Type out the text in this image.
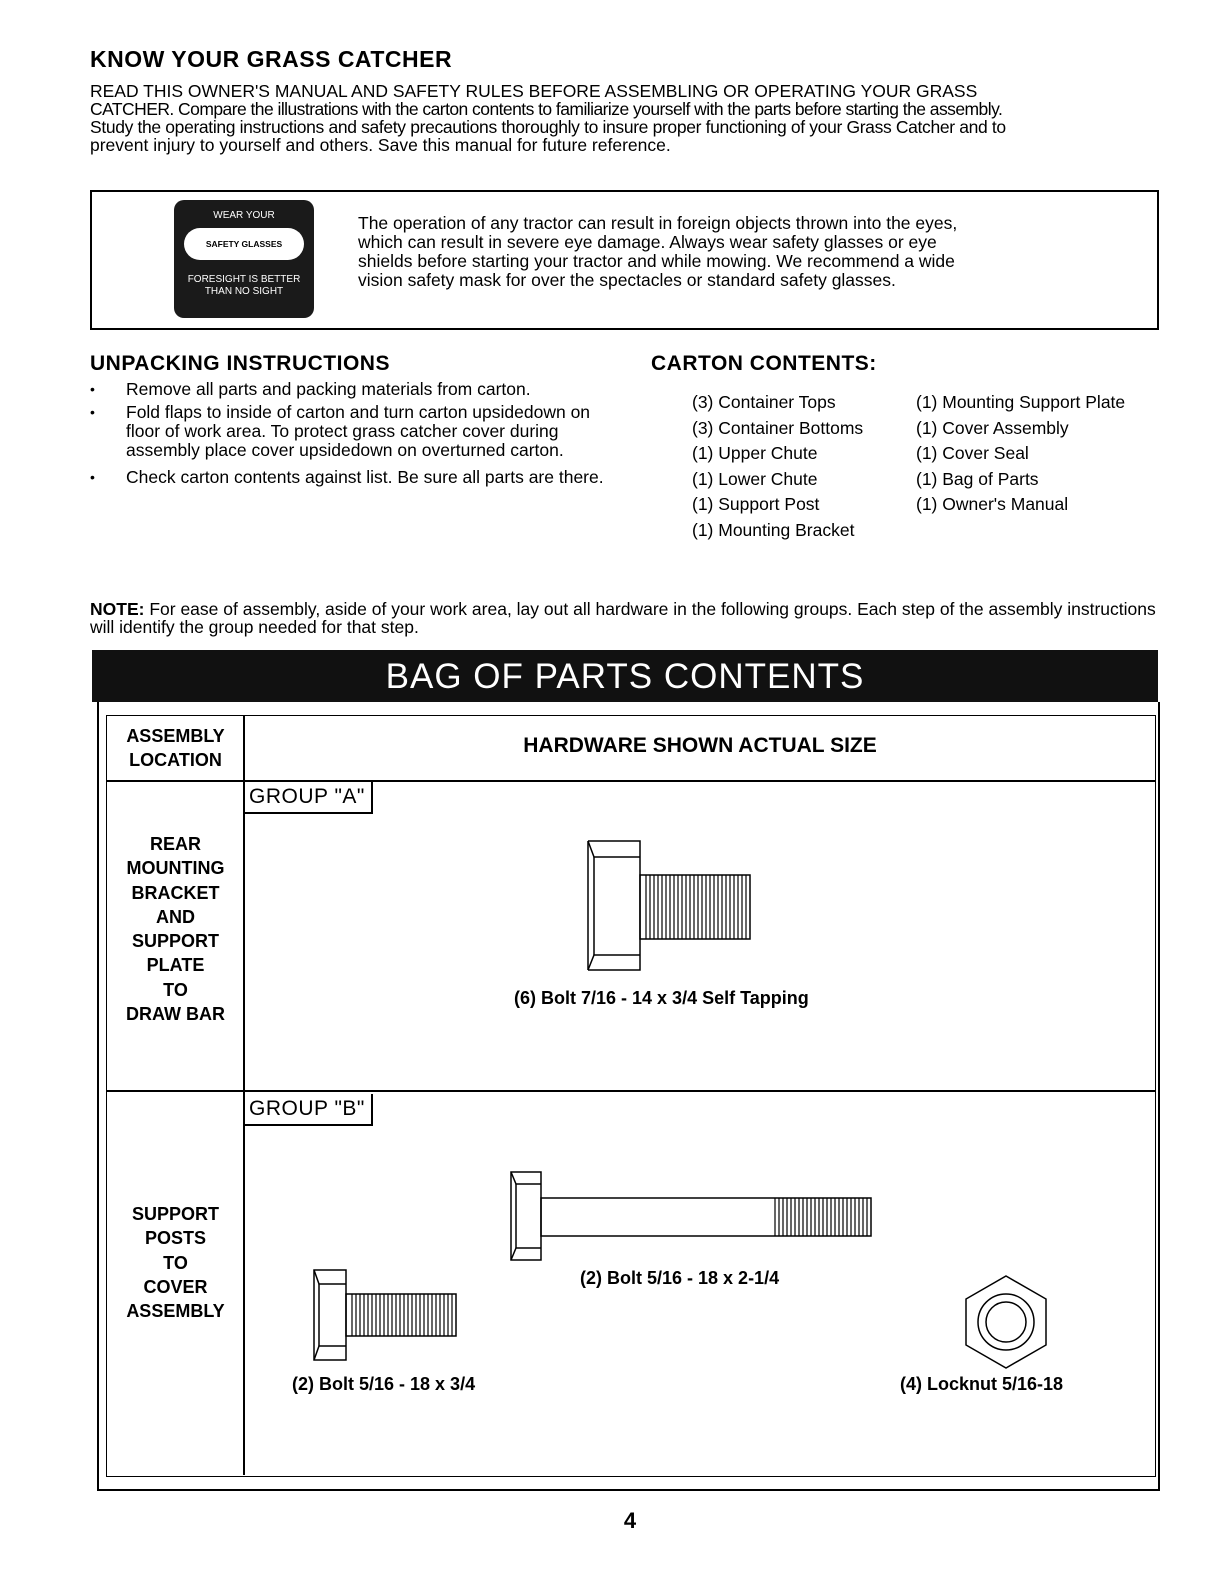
KNOW YOUR GRASS CATCHER

READ THIS OWNER'S MANUAL AND SAFETY RULES BEFORE ASSEMBLING OR OPERATING YOUR GRASS

CATCHER. Compare the illustrations with the carton contents to familiarize yourself with the parts before starting the assembly.

Study the operating instructions and safety precautions thoroughly to insure proper functioning of your Grass Catcher and to

prevent injury to yourself and others. Save this manual for future reference.

WEAR YOUR
SAFETY GLASSES
FORESIGHT IS BETTER
THAN NO SIGHT
The operation of any tractor can result in foreign objects thrown into the eyes,
which can result in severe eye damage. Always wear safety glasses or eye
shields before starting your tractor and while mowing. We recommend a wide
vision safety mask for over the spectacles or standard safety glasses.
UNPACKING INSTRUCTIONS
• Remove all parts and packing materials from carton.
• Fold flaps to inside of carton and turn carton upsidedown on floor of work area. To protect grass catcher cover during assembly place cover upsidedown on overturned carton.
• Check carton contents against list. Be sure all parts are there.
CARTON CONTENTS:
(3) Container Tops
(3) Container Bottoms
(1) Upper Chute
(1) Lower Chute
(1) Support Post
(1) Mounting Bracket
(1) Mounting Support Plate
(1) Cover Assembly
(1) Cover Seal
(1) Bag of Parts
(1) Owner's Manual
NOTE: For ease of assembly, aside of your work area, lay out all hardware in the following groups. Each step of the assembly instructions will identify the group needed for that step.
BAG OF PARTS CONTENTS
ASSEMBLY
LOCATION
HARDWARE SHOWN ACTUAL SIZE
GROUP "A"
REAR
MOUNTING
BRACKET
AND
SUPPORT
PLATE
TO
DRAW BAR
(6) Bolt 7/16 - 14 x 3/4 Self Tapping
GROUP "B"
SUPPORT
POSTS
TO
COVER
ASSEMBLY
(2) Bolt 5/16 - 18 x 2-1/4
(2) Bolt 5/16 - 18 x 3/4	(4) Locknut 5/16-18
4
